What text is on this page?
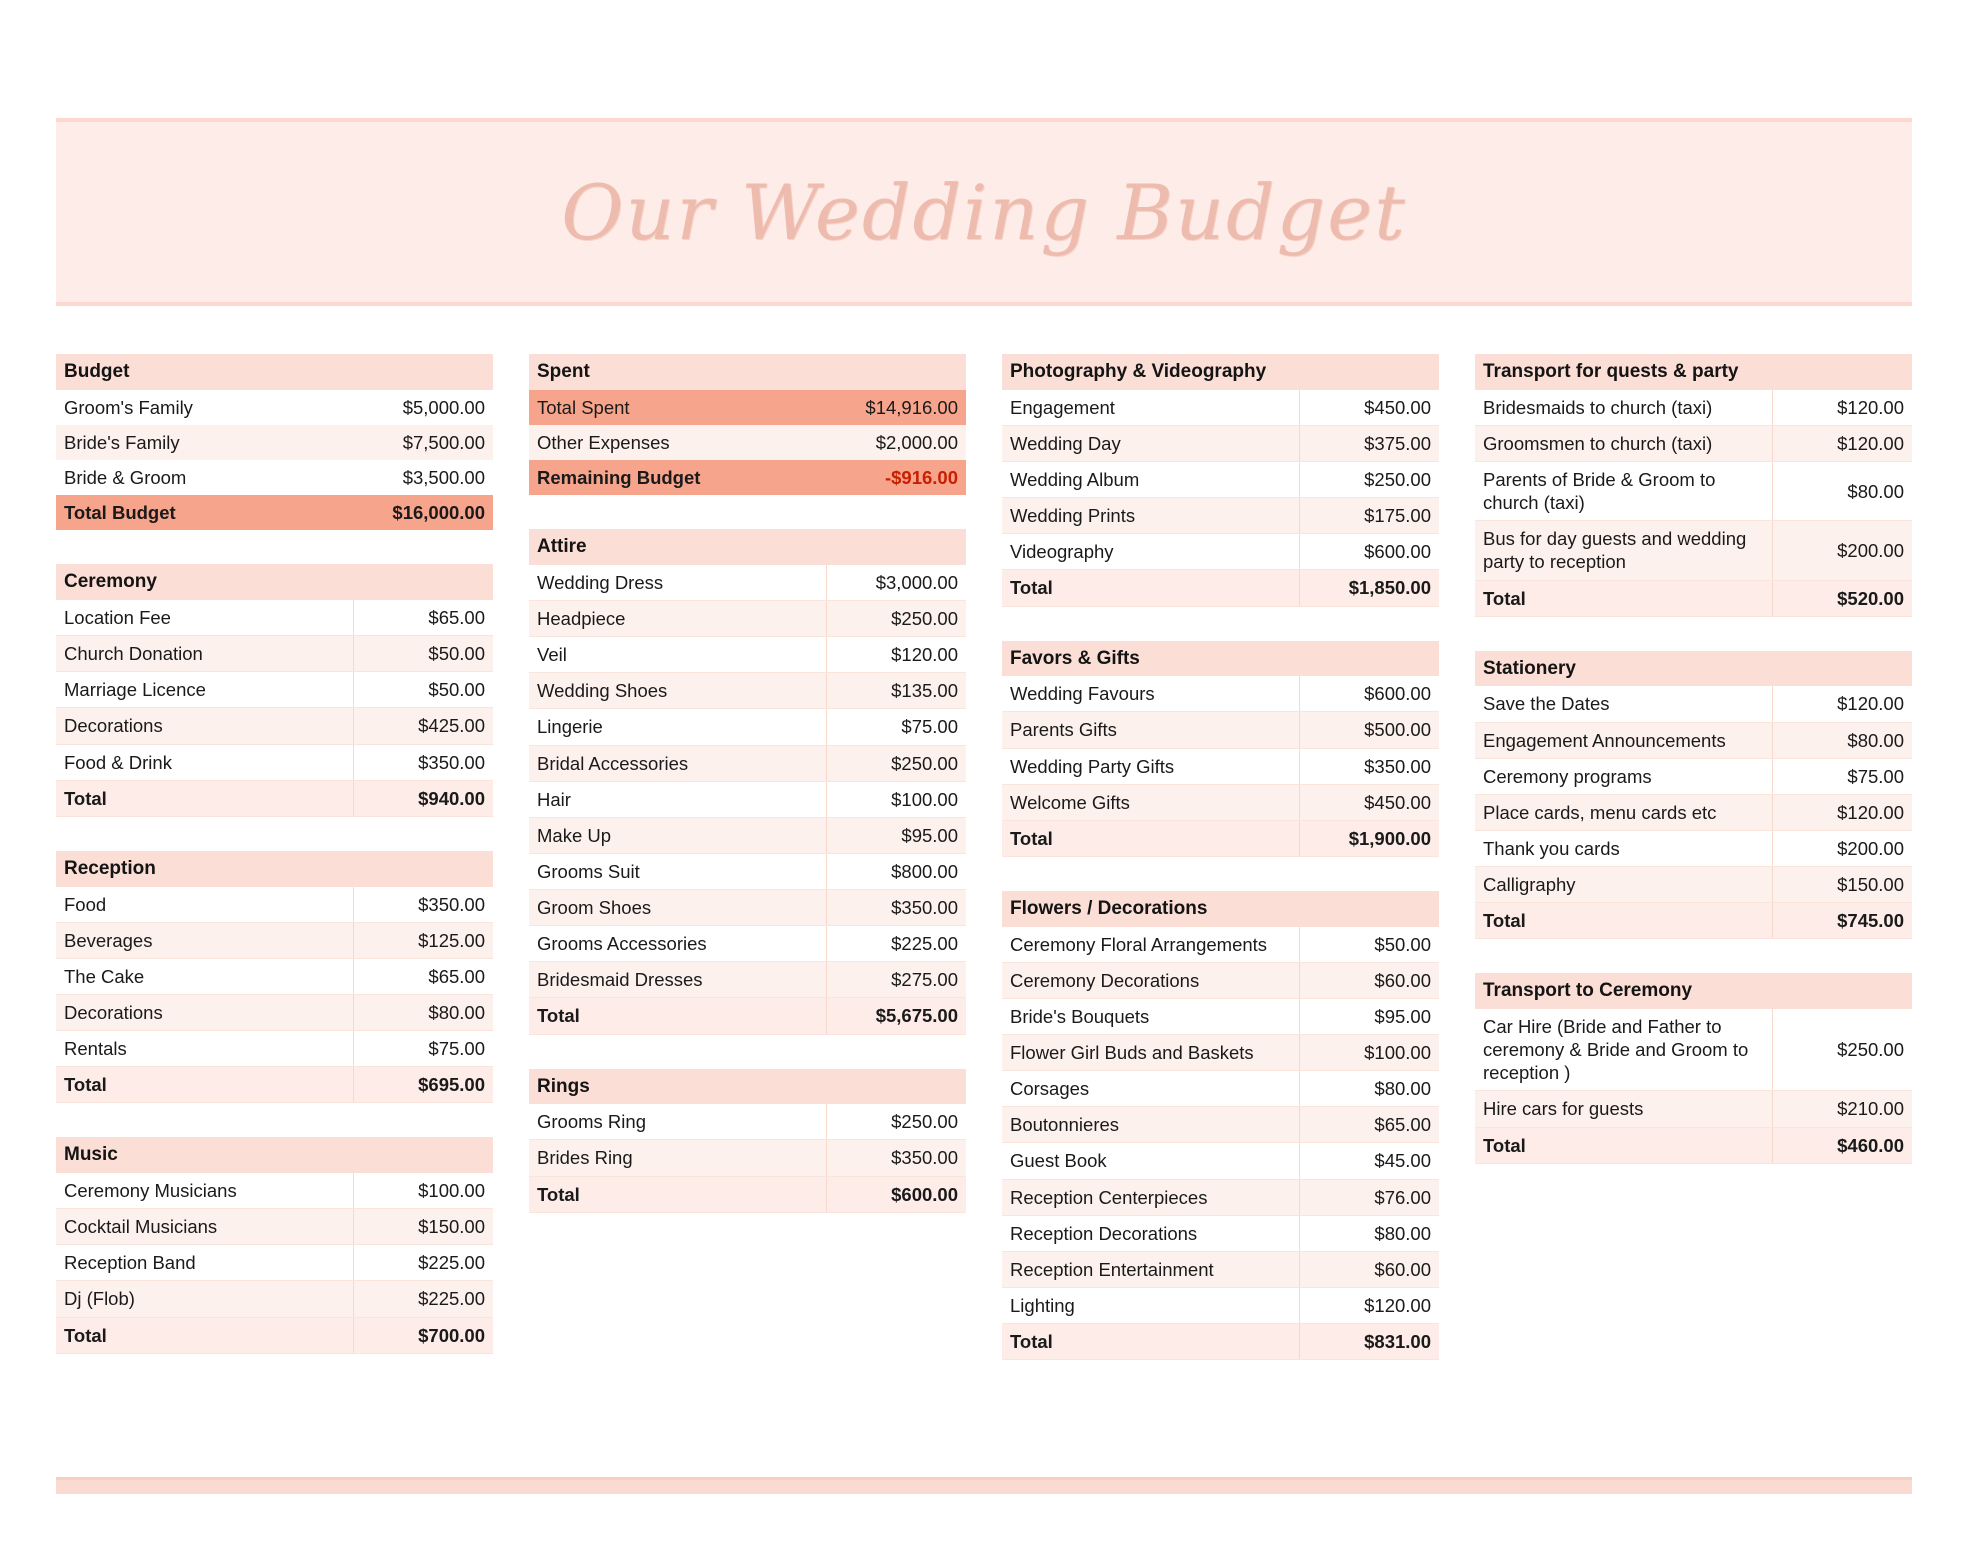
Our Wedding Budget
Budget	
Groom's Family	$5,000.00
Bride's Family	$7,500.00
Bride & Groom	$3,500.00
Total Budget	$16,000.00
Ceremony	
Location Fee	$65.00
Church Donation	$50.00
Marriage Licence	$50.00
Decorations	$425.00
Food & Drink	$350.00
Total	$940.00
Reception	
Food	$350.00
Beverages	$125.00
The Cake	$65.00
Decorations	$80.00
Rentals	$75.00
Total	$695.00
Music	
Ceremony Musicians	$100.00
Cocktail Musicians	$150.00
Reception Band	$225.00
Dj (Flob)	$225.00
Total	$700.00
Spent	
Total Spent	$14,916.00
Other Expenses	$2,000.00
Remaining Budget	-$916.00
Attire	
Wedding Dress	$3,000.00
Headpiece	$250.00
Veil	$120.00
Wedding Shoes	$135.00
Lingerie	$75.00
Bridal Accessories	$250.00
Hair	$100.00
Make Up	$95.00
Grooms Suit	$800.00
Groom Shoes	$350.00
Grooms Accessories	$225.00
Bridesmaid Dresses	$275.00
Total	$5,675.00
Rings	
Grooms Ring	$250.00
Brides Ring	$350.00
Total	$600.00
Photography & Videography	
Engagement	$450.00
Wedding Day	$375.00
Wedding Album	$250.00
Wedding Prints	$175.00
Videography	$600.00
Total	$1,850.00
Favors & Gifts	
Wedding Favours	$600.00
Parents Gifts	$500.00
Wedding Party Gifts	$350.00
Welcome Gifts	$450.00
Total	$1,900.00
Flowers / Decorations	
Ceremony Floral Arrangements	$50.00
Ceremony Decorations	$60.00
Bride's Bouquets	$95.00
Flower Girl Buds and Baskets	$100.00
Corsages	$80.00
Boutonnieres	$65.00
Guest Book	$45.00
Reception Centerpieces	$76.00
Reception Decorations	$80.00
Reception Entertainment	$60.00
Lighting	$120.00
Total	$831.00
Transport for quests & party	
Bridesmaids to church (taxi)	$120.00
Groomsmen to church (taxi)	$120.00
Parents of Bride & Groom to church (taxi)	$80.00
Bus for day guests and wedding party to reception	$200.00
Total	$520.00
Stationery	
Save the Dates	$120.00
Engagement Announcements	$80.00
Ceremony programs	$75.00
Place cards, menu cards etc	$120.00
Thank you cards	$200.00
Calligraphy	$150.00
Total	$745.00
Transport to Ceremony	
Car Hire (Bride and Father to ceremony & Bride and Groom to reception )	$250.00
Hire cars for guests	$210.00
Total	$460.00
